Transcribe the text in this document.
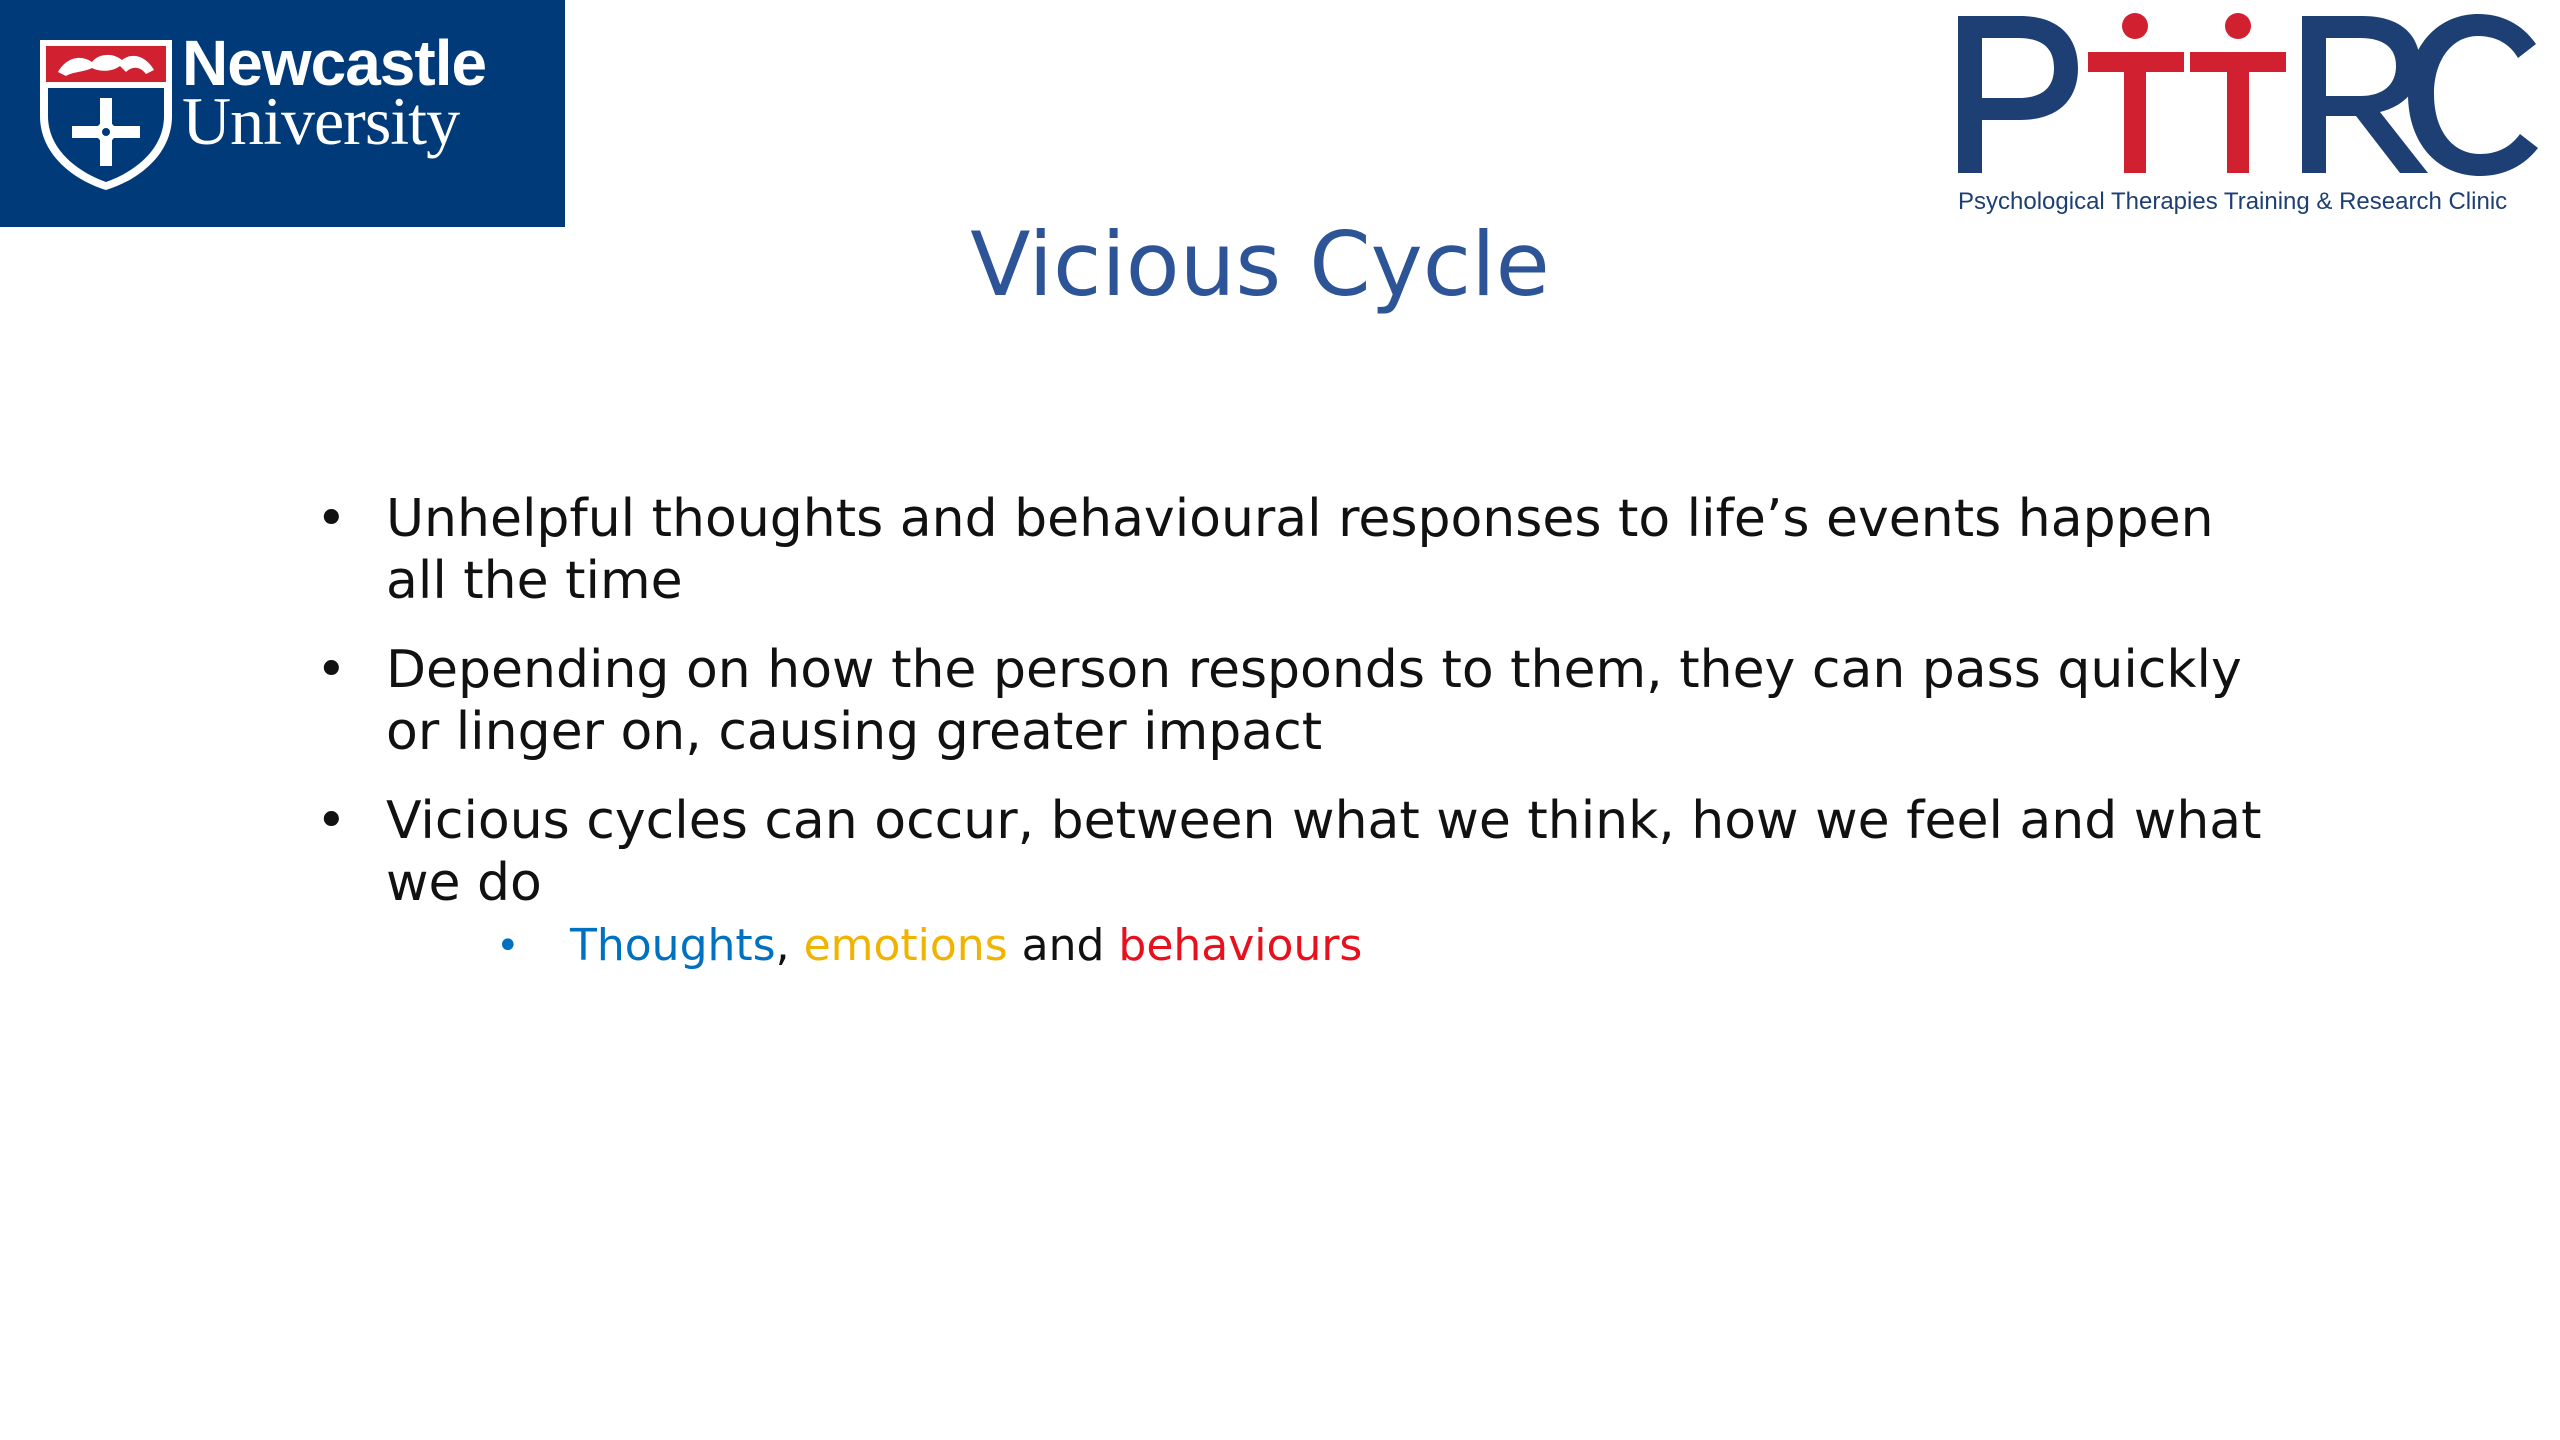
Newcastle
University
Psychological Therapies Training & Research Clinic
Vicious Cycle
• Unhelpful thoughts and behavioural responses to life’s events happen all the time
• Depending on how the person responds to them, they can pass quickly or linger on, causing greater impact
• Vicious cycles can occur, between what we think, how we feel and what we do
• Thoughts, emotions and behaviours
